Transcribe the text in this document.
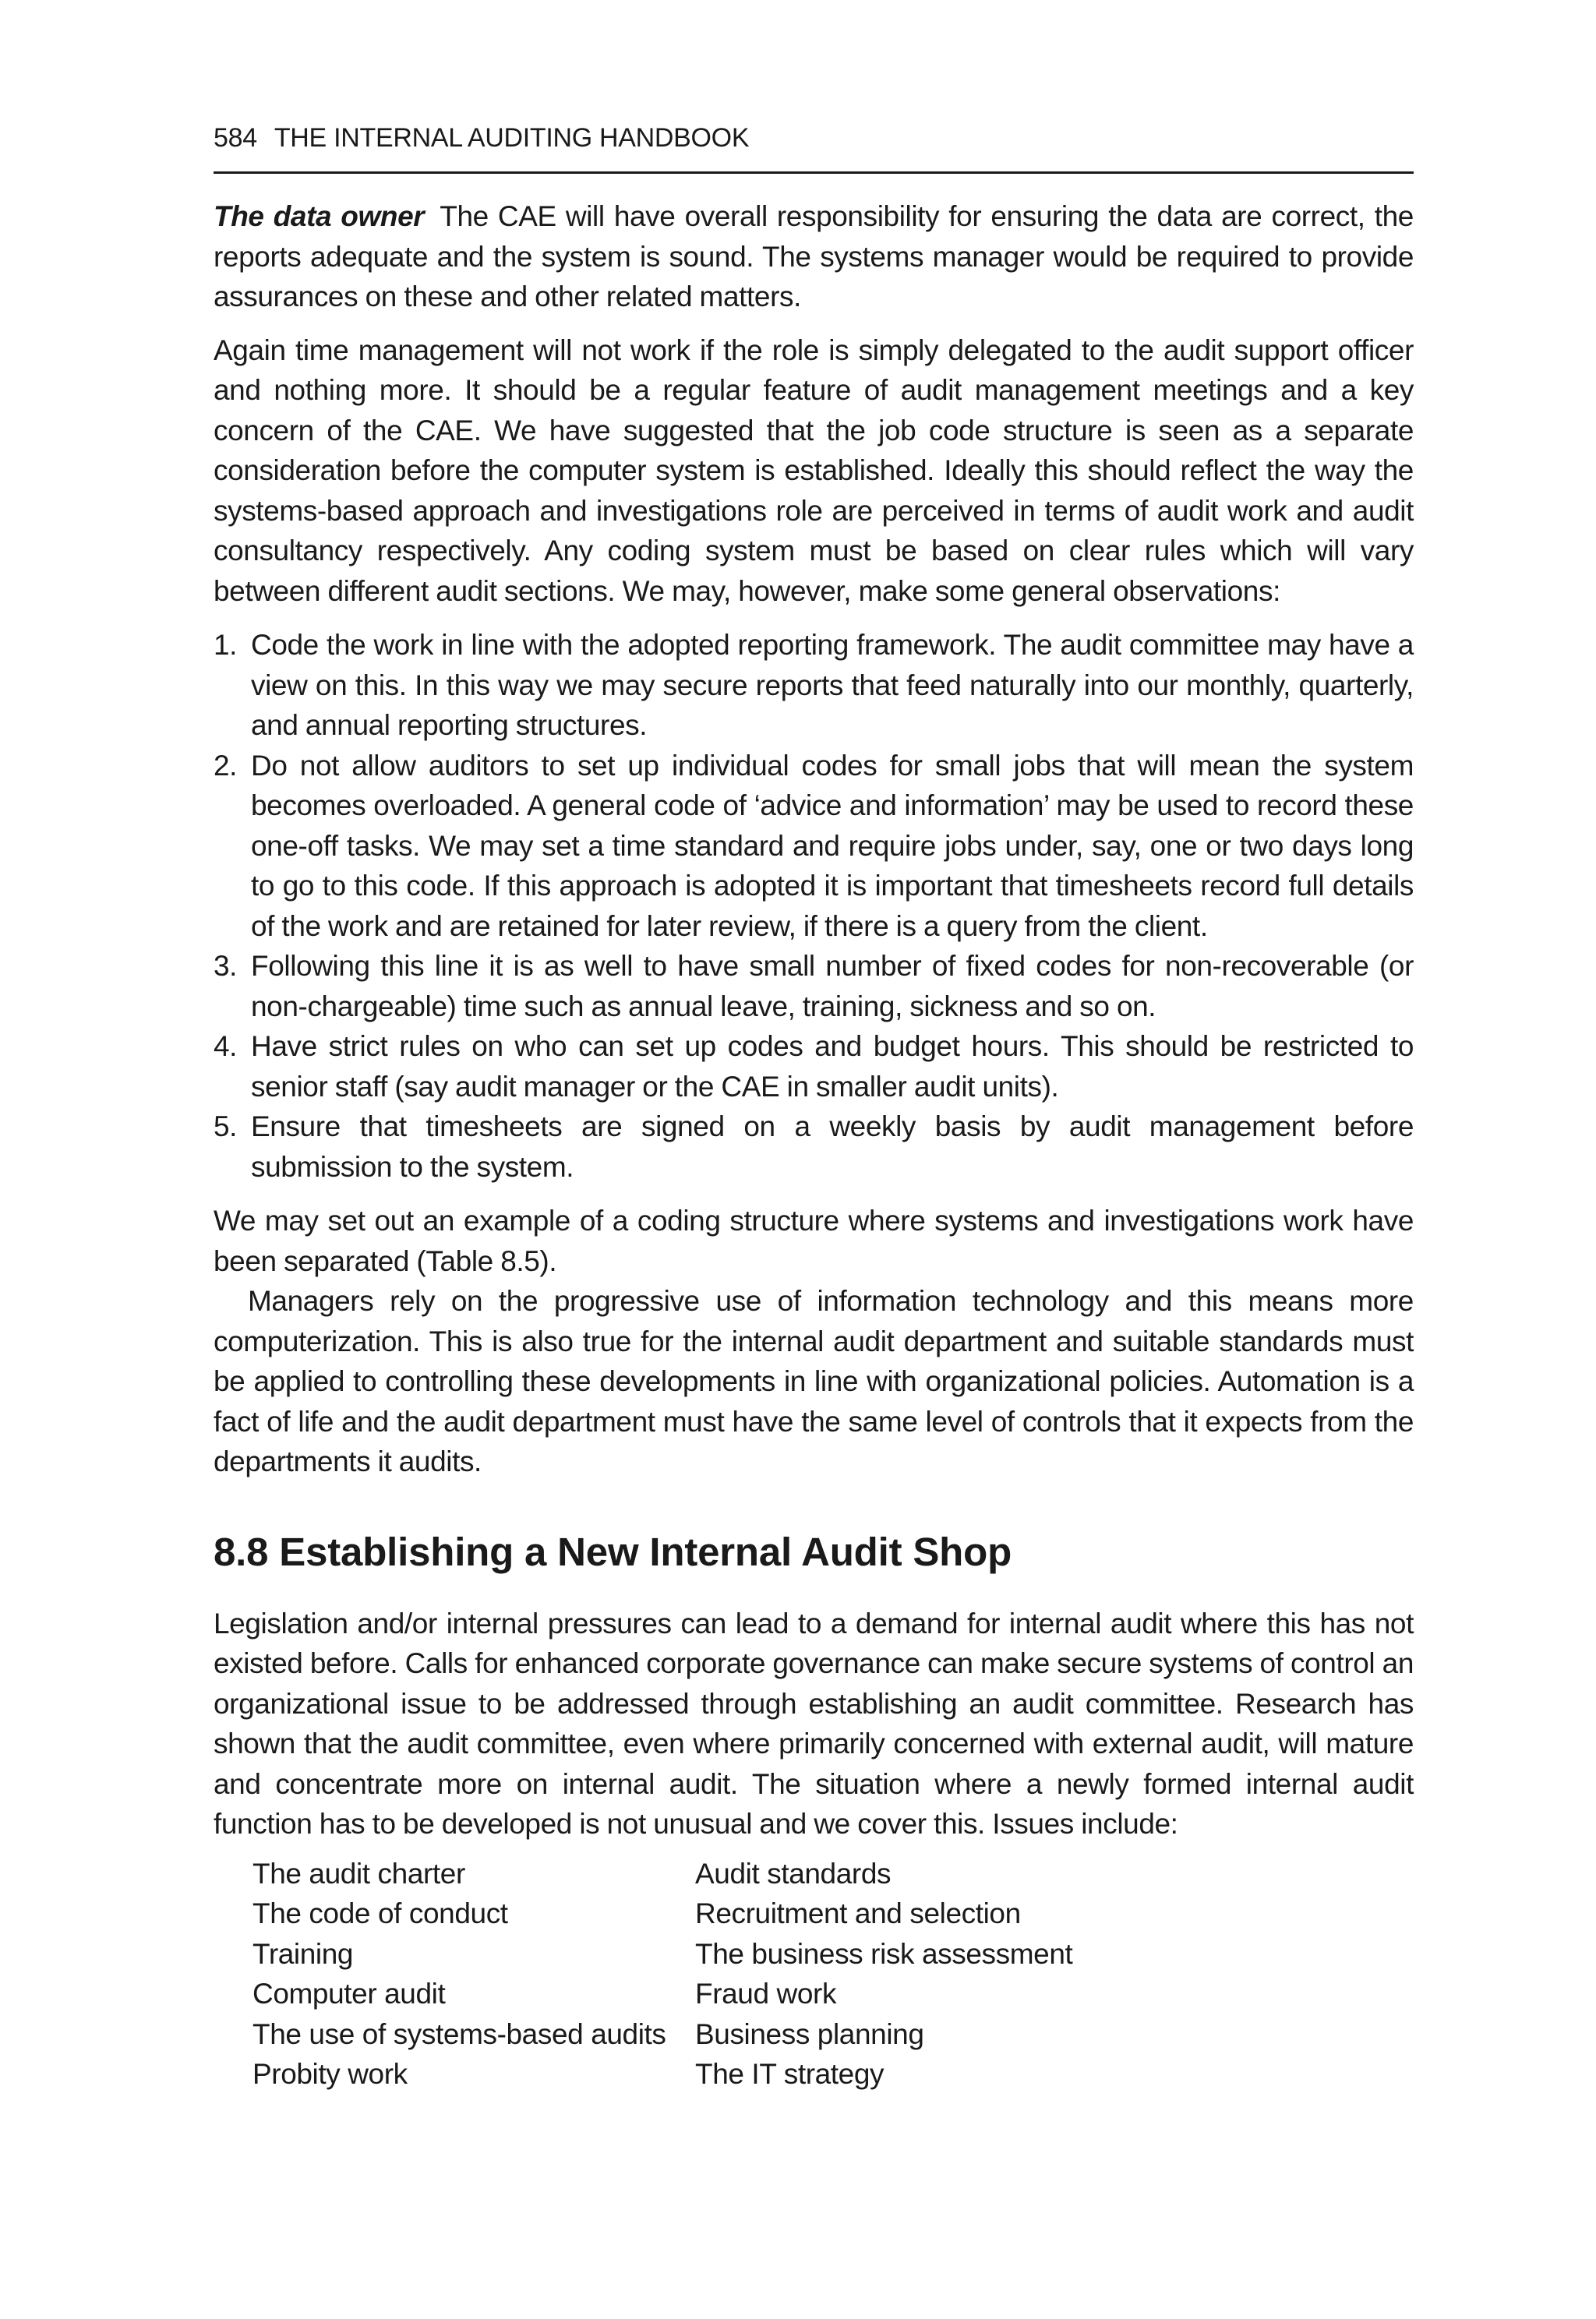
584 THE INTERNAL AUDITING HANDBOOK

The data owner The CAE will have overall responsibility for ensuring the data are correct, the reports adequate and the system is sound. The systems manager would be required to provide assurances on these and other related matters.

Again time management will not work if the role is simply delegated to the audit support officer and nothing more. It should be a regular feature of audit management meetings and a key concern of the CAE. We have suggested that the job code structure is seen as a separate consideration before the computer system is established. Ideally this should reflect the way the systems-based approach and investigations role are perceived in terms of audit work and audit consultancy respectively. Any coding system must be based on clear rules which will vary between different audit sections. We may, however, make some general observations:

1. Code the work in line with the adopted reporting framework. The audit committee may have a view on this. In this way we may secure reports that feed naturally into our monthly, quarterly, and annual reporting structures.
2. Do not allow auditors to set up individual codes for small jobs that will mean the system becomes overloaded. A general code of ‘advice and information’ may be used to record these one-off tasks. We may set a time standard and require jobs under, say, one or two days long to go to this code. If this approach is adopted it is important that timesheets record full details of the work and are retained for later review, if there is a query from the client.
3. Following this line it is as well to have small number of fixed codes for non-recoverable (or non-chargeable) time such as annual leave, training, sickness and so on.
4. Have strict rules on who can set up codes and budget hours. This should be restricted to senior staff (say audit manager or the CAE in smaller audit units).
5. Ensure that timesheets are signed on a weekly basis by audit management before submission to the system.

We may set out an example of a coding structure where systems and investigations work have been separated (Table 8.5).

Managers rely on the progressive use of information technology and this means more computerization. This is also true for the internal audit department and suitable standards must be applied to controlling these developments in line with organizational policies. Automation is a fact of life and the audit department must have the same level of controls that it expects from the departments it audits.

8.8 Establishing a New Internal Audit Shop

Legislation and/or internal pressures can lead to a demand for internal audit where this has not existed before. Calls for enhanced corporate governance can make secure systems of control an organizational issue to be addressed through establishing an audit committee. Research has shown that the audit committee, even where primarily concerned with external audit, will mature and concentrate more on internal audit. The situation where a newly formed internal audit function has to be developed is not unusual and we cover this. Issues include:

The audit charter	Audit standards
The code of conduct	Recruitment and selection
Training	The business risk assessment
Computer audit	Fraud work
The use of systems-based audits	Business planning
Probity work	The IT strategy
